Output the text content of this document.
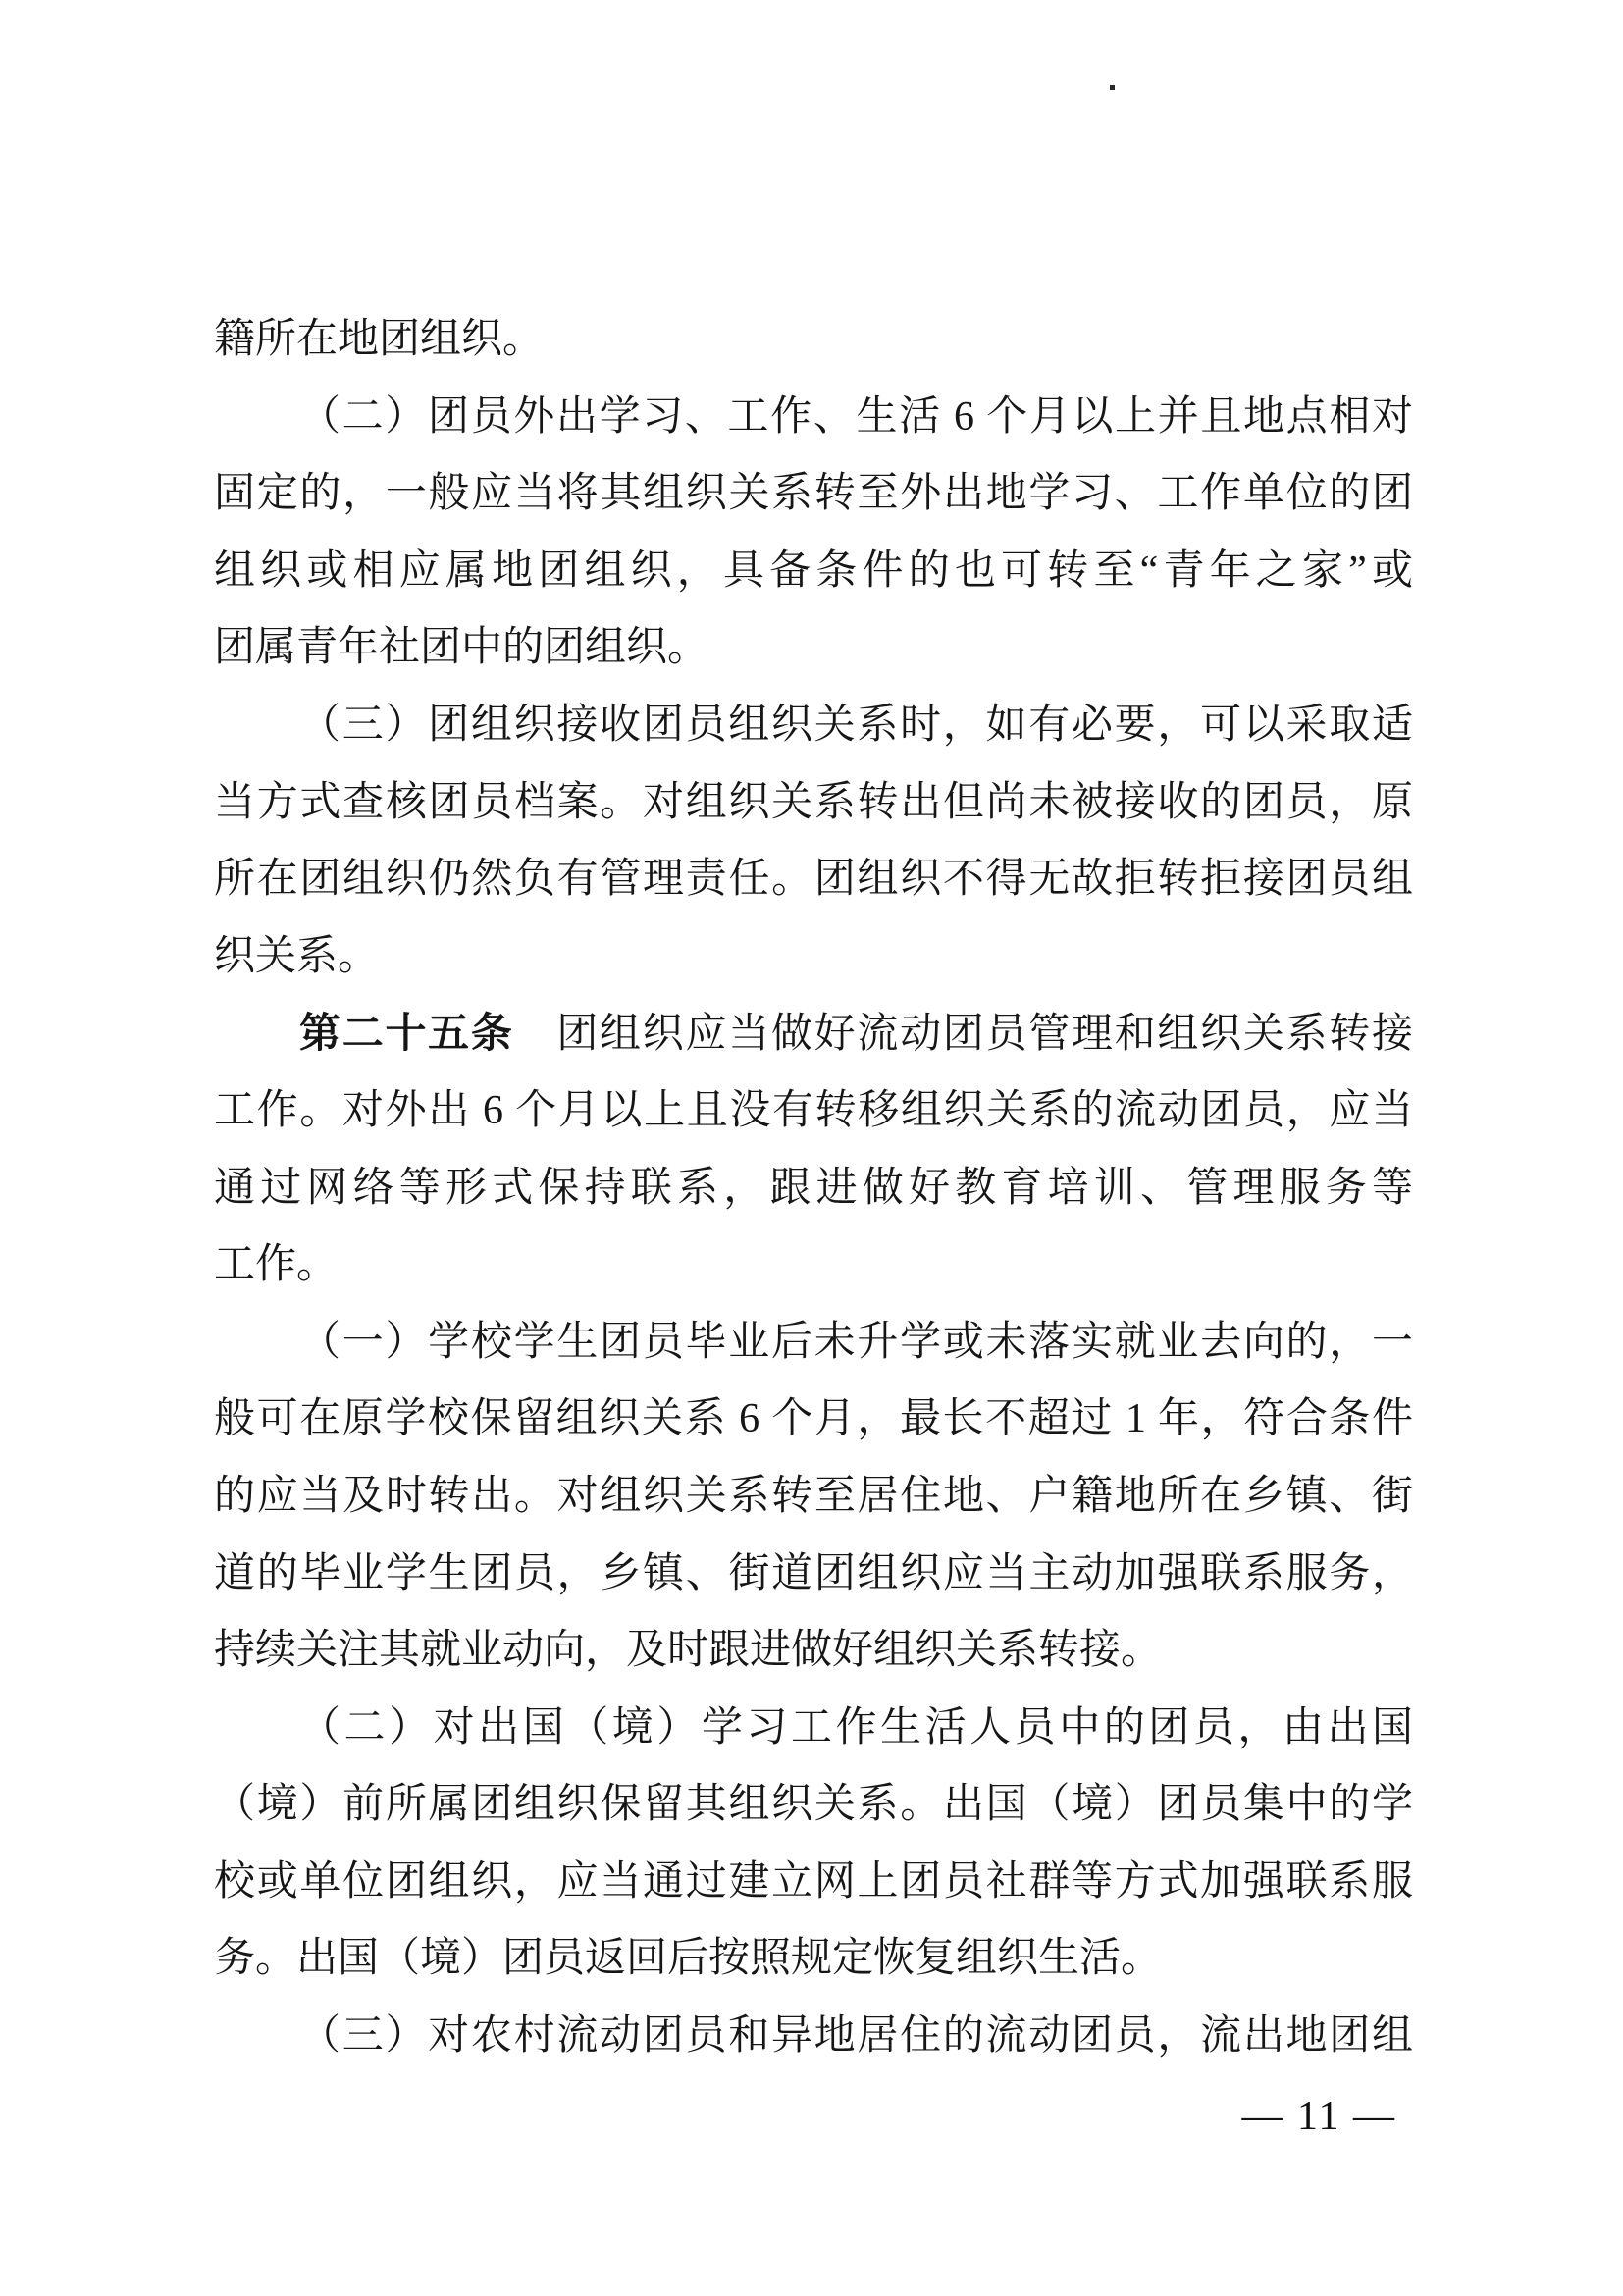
籍所在地团组织。
（二）团员外出学习、工作、生活 6 个月以上并且地点相对
固定的，一般应当将其组织关系转至外出地学习、工作单位的团
组织或相应属地团组织，具备条件的也可转至“青年之家”或
团属青年社团中的团组织。
（三）团组织接收团员组织关系时，如有必要，可以采取适
当方式查核团员档案。对组织关系转出但尚未被接收的团员，原
所在团组织仍然负有管理责任。团组织不得无故拒转拒接团员组
织关系。
第二十五条　团组织应当做好流动团员管理和组织关系转接
工作。对外出 6 个月以上且没有转移组织关系的流动团员，应当
通过网络等形式保持联系，跟进做好教育培训、管理服务等
工作。
（一）学校学生团员毕业后未升学或未落实就业去向的，一
般可在原学校保留组织关系 6 个月，最长不超过 1 年，符合条件
的应当及时转出。对组织关系转至居住地、户籍地所在乡镇、街
道的毕业学生团员，乡镇、街道团组织应当主动加强联系服务，
持续关注其就业动向，及时跟进做好组织关系转接。
（二）对出国（境）学习工作生活人员中的团员，由出国
（境）前所属团组织保留其组织关系。出国（境）团员集中的学
校或单位团组织，应当通过建立网上团员社群等方式加强联系服
务。出国（境）团员返回后按照规定恢复组织生活。
（三）对农村流动团员和异地居住的流动团员，流出地团组
— 11 —
